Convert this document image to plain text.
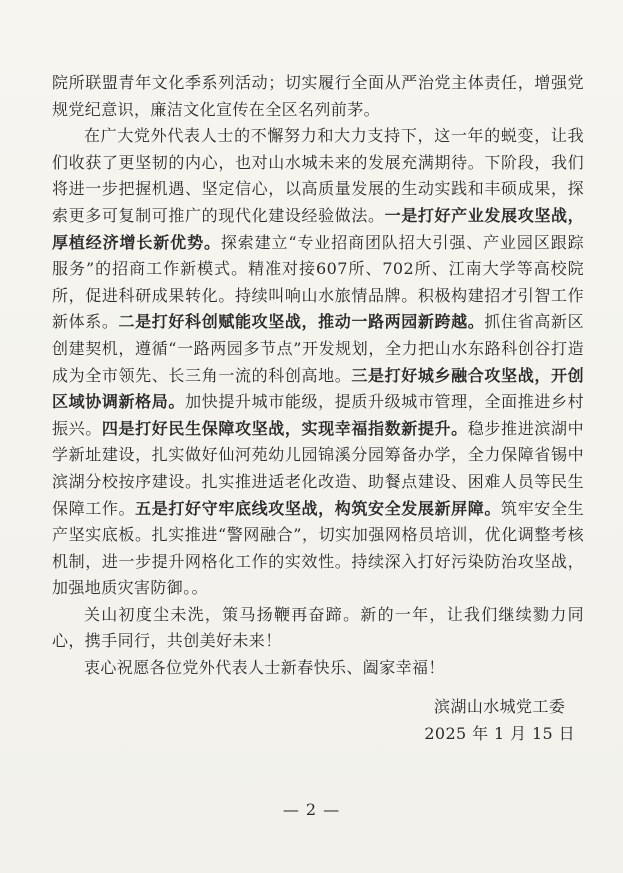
院所联盟青年文化季系列活动；切实履行全面从严治党主体责任，增强党规党纪意识，廉洁文化宣传在全区名列前茅。

在广大党外代表人士的不懈努力和大力支持下，这一年的蜕变，让我们收获了更坚韧的内心，也对山水城未来的发展充满期待。下阶段，我们将进一步把握机遇、坚定信心，以高质量发展的生动实践和丰硕成果，探索更多可复制可推广的现代化建设经验做法。一是打好产业发展攻坚战，厚植经济增长新优势。探索建立“专业招商团队招大引强、产业园区跟踪服务”的招商工作新模式。精准对接607所、702所、江南大学等高校院所，促进科研成果转化。持续叫响山水旅情品牌。积极构建招才引智工作新体系。二是打好科创赋能攻坚战，推动一路两园新跨越。抓住省高新区创建契机，遵循“一路两园多节点”开发规划，全力把山水东路科创谷打造成为全市领先、长三角一流的科创高地。三是打好城乡融合攻坚战，开创区域协调新格局。加快提升城市能级，提质升级城市管理，全面推进乡村振兴。四是打好民生保障攻坚战，实现幸福指数新提升。稳步推进滨湖中学新址建设，扎实做好仙河苑幼儿园锦溪分园筹备办学，全力保障省锡中滨湖分校按序建设。扎实推进适老化改造、助餐点建设、困难人员等民生保障工作。五是打好守牢底线攻坚战，构筑安全发展新屏障。筑牢安全生产坚实底板。扎实推进“警网融合”，切实加强网格员培训，优化调整考核机制，进一步提升网格化工作的实效性。持续深入打好污染防治攻坚战，加强地质灾害防御。。

关山初度尘未洗，策马扬鞭再奋蹄。新的一年，让我们继续勠力同心，携手同行，共创美好未来！

衷心祝愿各位党外代表人士新春快乐、阖家幸福！

滨湖山水城党工委
2025 年 1 月 15 日
— 2 —
